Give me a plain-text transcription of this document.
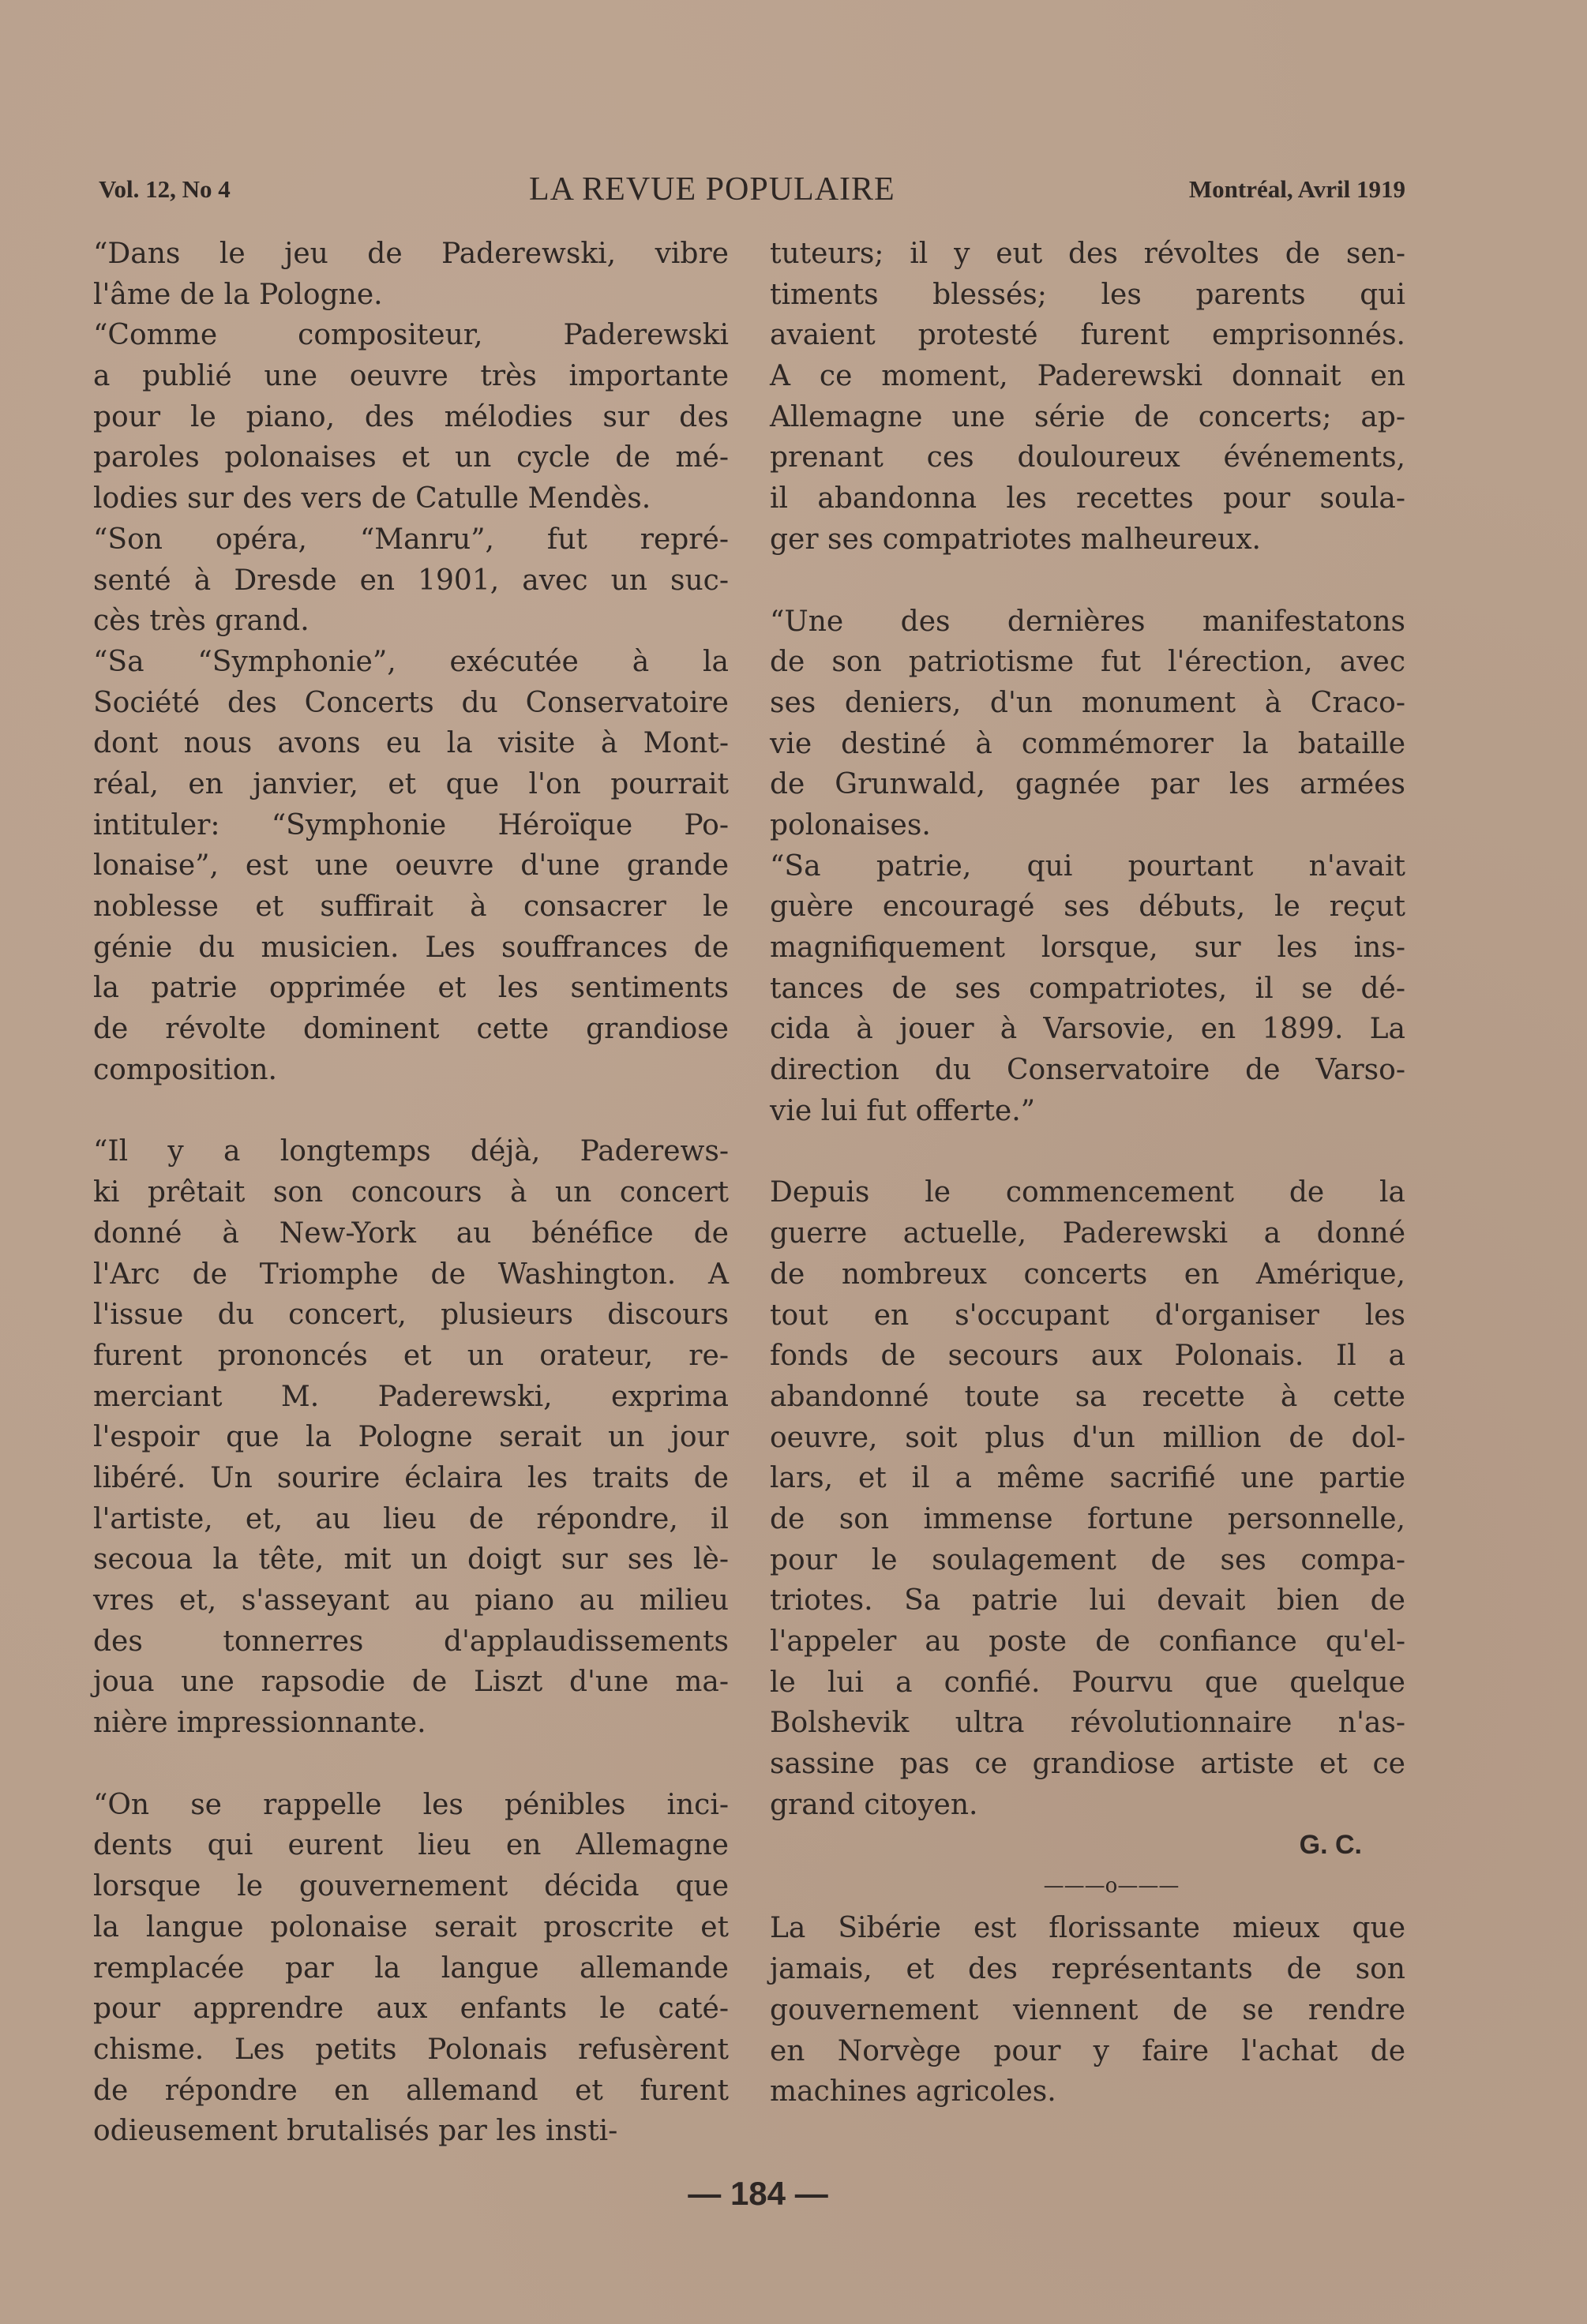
Vol. 12, No 4	LA REVUE POPULAIRE	Montréal, Avril 1919
“Dans le jeu de Paderewski, vibre
l'âme de la Pologne.
“Comme compositeur, Paderewski
a publié une oeuvre très importante
pour le piano, des mélodies sur des
paroles polonaises et un cycle de mé-
lodies sur des vers de Catulle Mendès.
“Son opéra, “Manru”, fut repré-
senté à Dresde en 1901, avec un suc-
cès très grand.
“Sa “Symphonie”, exécutée à la
Société des Concerts du Conservatoire
dont nous avons eu la visite à Mont-
réal, en janvier, et que l'on pourrait
intituler: “Symphonie Héroïque Po-
lonaise”, est une oeuvre d'une grande
noblesse et suffirait à consacrer le
génie du musicien. Les souffrances de
la patrie opprimée et les sentiments
de révolte dominent cette grandiose
composition.
“Il y a longtemps déjà, Paderews-
ki prêtait son concours à un concert
donné à New-York au bénéfice de
l'Arc de Triomphe de Washington. A
l'issue du concert, plusieurs discours
furent prononcés et un orateur, re-
merciant M. Paderewski, exprima
l'espoir que la Pologne serait un jour
libéré. Un sourire éclaira les traits de
l'artiste, et, au lieu de répondre, il
secoua la tête, mit un doigt sur ses lè-
vres et, s'asseyant au piano au milieu
des tonnerres d'applaudissements
joua une rapsodie de Liszt d'une ma-
nière impressionnante.
“On se rappelle les pénibles inci-
dents qui eurent lieu en Allemagne
lorsque le gouvernement décida que
la langue polonaise serait proscrite et
remplacée par la langue allemande
pour apprendre aux enfants le caté-
chisme. Les petits Polonais refusèrent
de répondre en allemand et furent
odieusement brutalisés par les insti-
tuteurs; il y eut des révoltes de sen-
timents blessés; les parents qui
avaient protesté furent emprisonnés.
A ce moment, Paderewski donnait en
Allemagne une série de concerts; ap-
prenant ces douloureux événements,
il abandonna les recettes pour soula-
ger ses compatriotes malheureux.
“Une des dernières manifestatons
de son patriotisme fut l'érection, avec
ses deniers, d'un monument à Craco-
vie destiné à commémorer la bataille
de Grunwald, gagnée par les armées
polonaises.
“Sa patrie, qui pourtant n'avait
guère encouragé ses débuts, le reçut
magnifiquement lorsque, sur les ins-
tances de ses compatriotes, il se dé-
cida à jouer à Varsovie, en 1899. La
direction du Conservatoire de Varso-
vie lui fut offerte.”
Depuis le commencement de la
guerre actuelle, Paderewski a donné
de nombreux concerts en Amérique,
tout en s'occupant d'organiser les
fonds de secours aux Polonais. Il a
abandonné toute sa recette à cette
oeuvre, soit plus d'un million de dol-
lars, et il a même sacrifié une partie
de son immense fortune personnelle,
pour le soulagement de ses compa-
triotes. Sa patrie lui devait bien de
l'appeler au poste de confiance qu'el-
le lui a confié. Pourvu que quelque
Bolshevik ultra révolutionnaire n'as-
sassine pas ce grandiose artiste et ce
grand citoyen.
G. C.
———o———
La Sibérie est florissante mieux que
jamais, et des représentants de son
gouvernement viennent de se rendre
en Norvège pour y faire l'achat de
machines agricoles.
— 184 —
